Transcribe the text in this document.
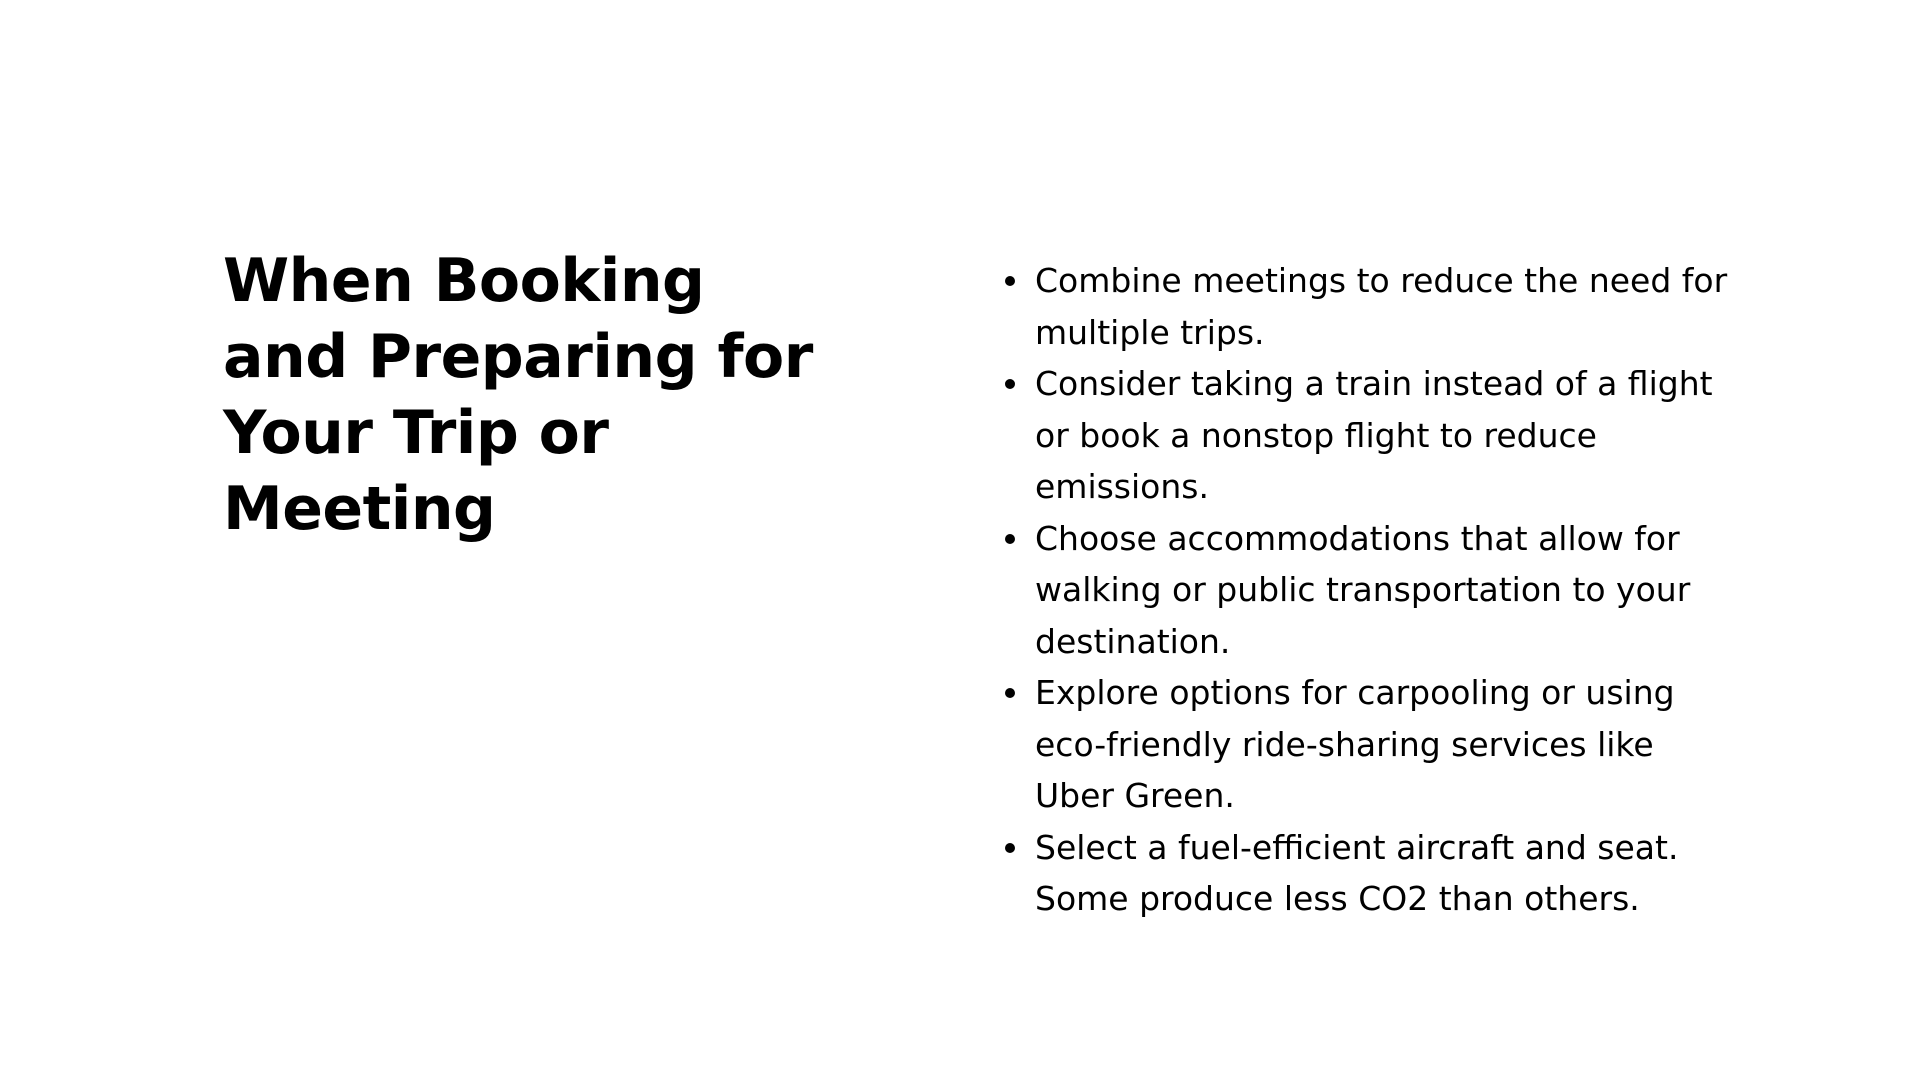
When Booking and Preparing for Your Trip or Meeting
Combine meetings to reduce the need for multiple trips.
Consider taking a train instead of a flight or book a nonstop flight to reduce emissions.
Choose accommodations that allow for walking or public transportation to your destination.
Explore options for carpooling or using eco-friendly ride-sharing services like Uber Green.
Select a fuel-efficient aircraft and seat. Some produce less CO2 than others.
